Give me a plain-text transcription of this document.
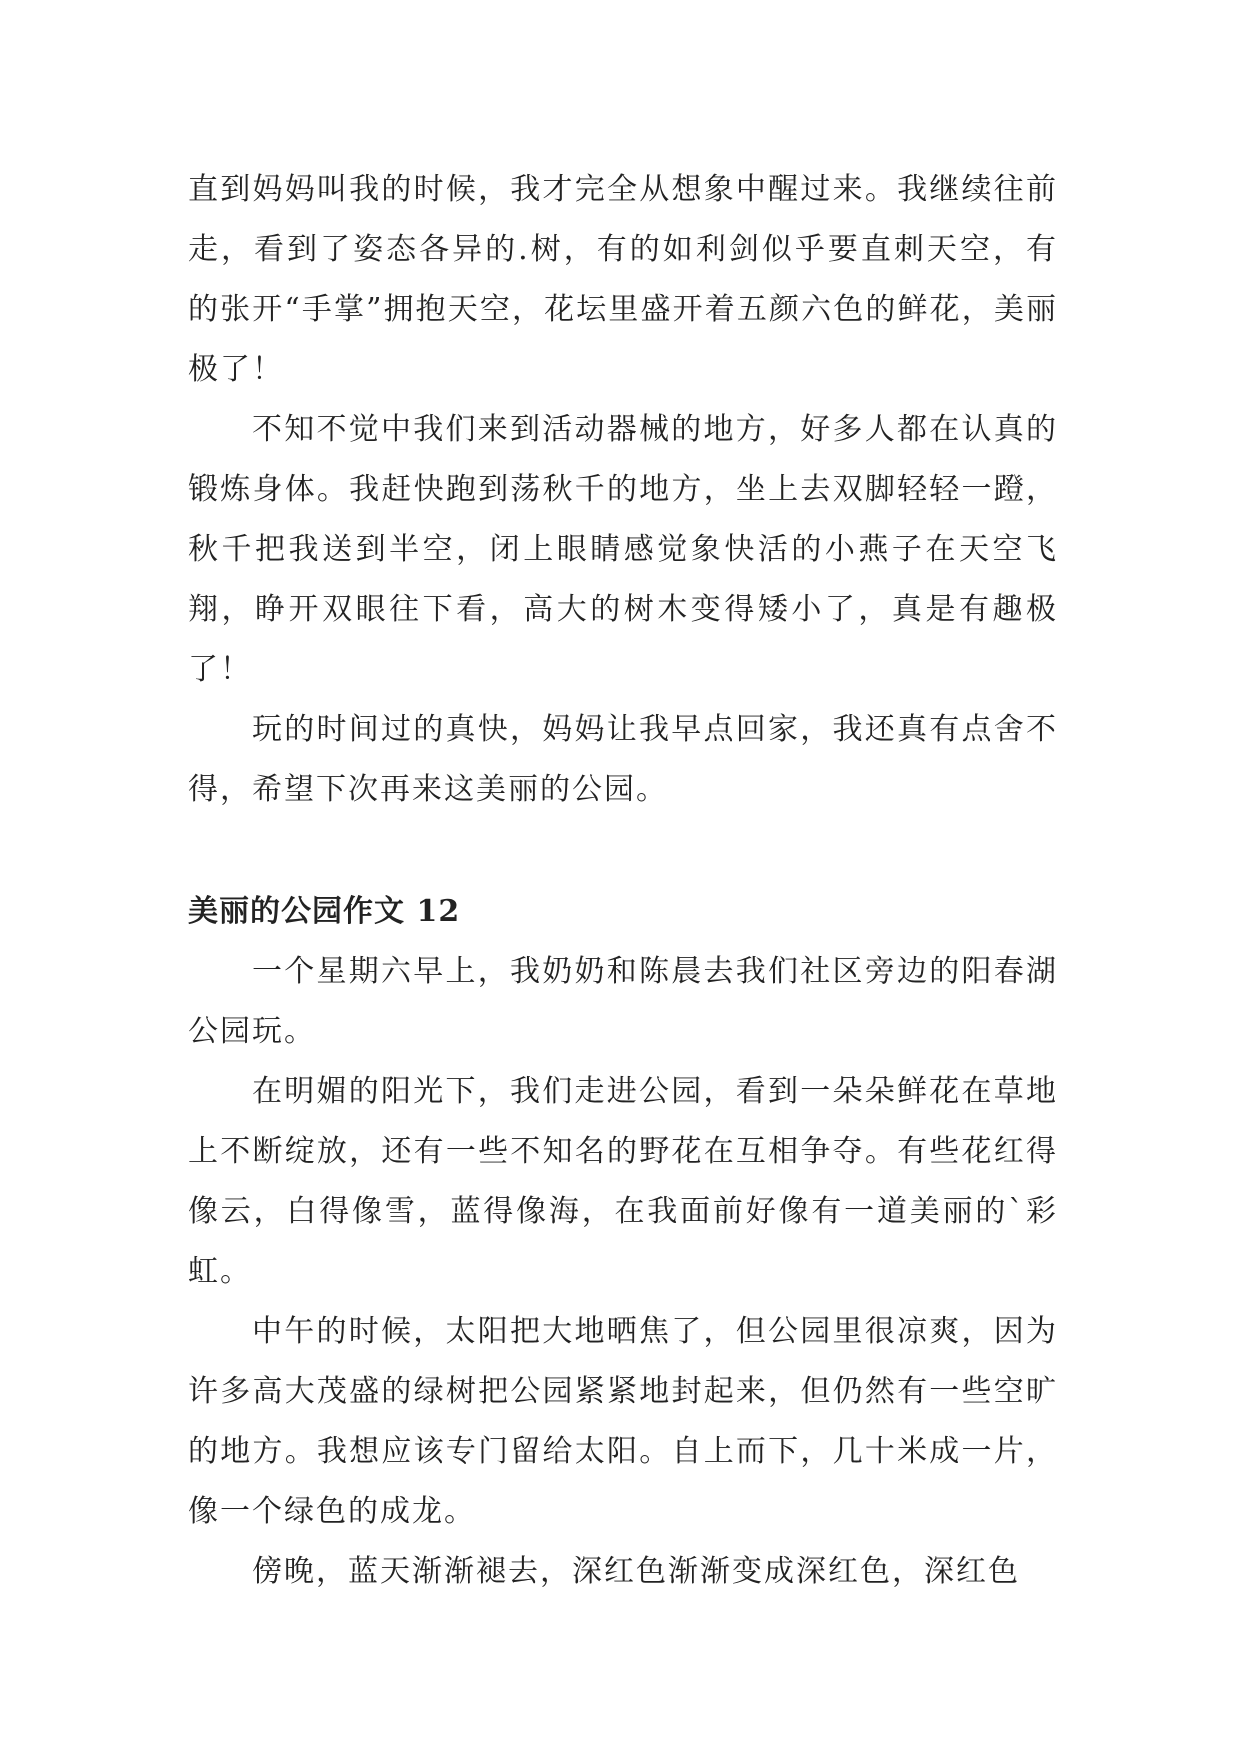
直到妈妈叫我的时候，我才完全从想象中醒过来。我继续往前走，看到了姿态各异的.树，有的如利剑似乎要直刺天空，有的张开“手掌”拥抱天空，花坛里盛开着五颜六色的鲜花，美丽极了！

不知不觉中我们来到活动器械的地方，好多人都在认真的锻炼身体。我赶快跑到荡秋千的地方，坐上去双脚轻轻一蹬，秋千把我送到半空，闭上眼睛感觉象快活的小燕子在天空飞翔，睁开双眼往下看，高大的树木变得矮小了，真是有趣极了！

玩的时间过的真快，妈妈让我早点回家，我还真有点舍不得，希望下次再来这美丽的公园。

美丽的公园作文 12

一个星期六早上，我奶奶和陈晨去我们社区旁边的阳春湖公园玩。

在明媚的阳光下，我们走进公园，看到一朵朵鲜花在草地上不断绽放，还有一些不知名的野花在互相争夺。有些花红得像云，白得像雪，蓝得像海，在我面前好像有一道美丽的`彩虹。

中午的时候，太阳把大地晒焦了，但公园里很凉爽，因为许多高大茂盛的绿树把公园紧紧地封起来，但仍然有一些空旷的地方。我想应该专门留给太阳。自上而下，几十米成一片，像一个绿色的成龙。

傍晚，蓝天渐渐褪去，深红色渐渐变成深红色，深红色
